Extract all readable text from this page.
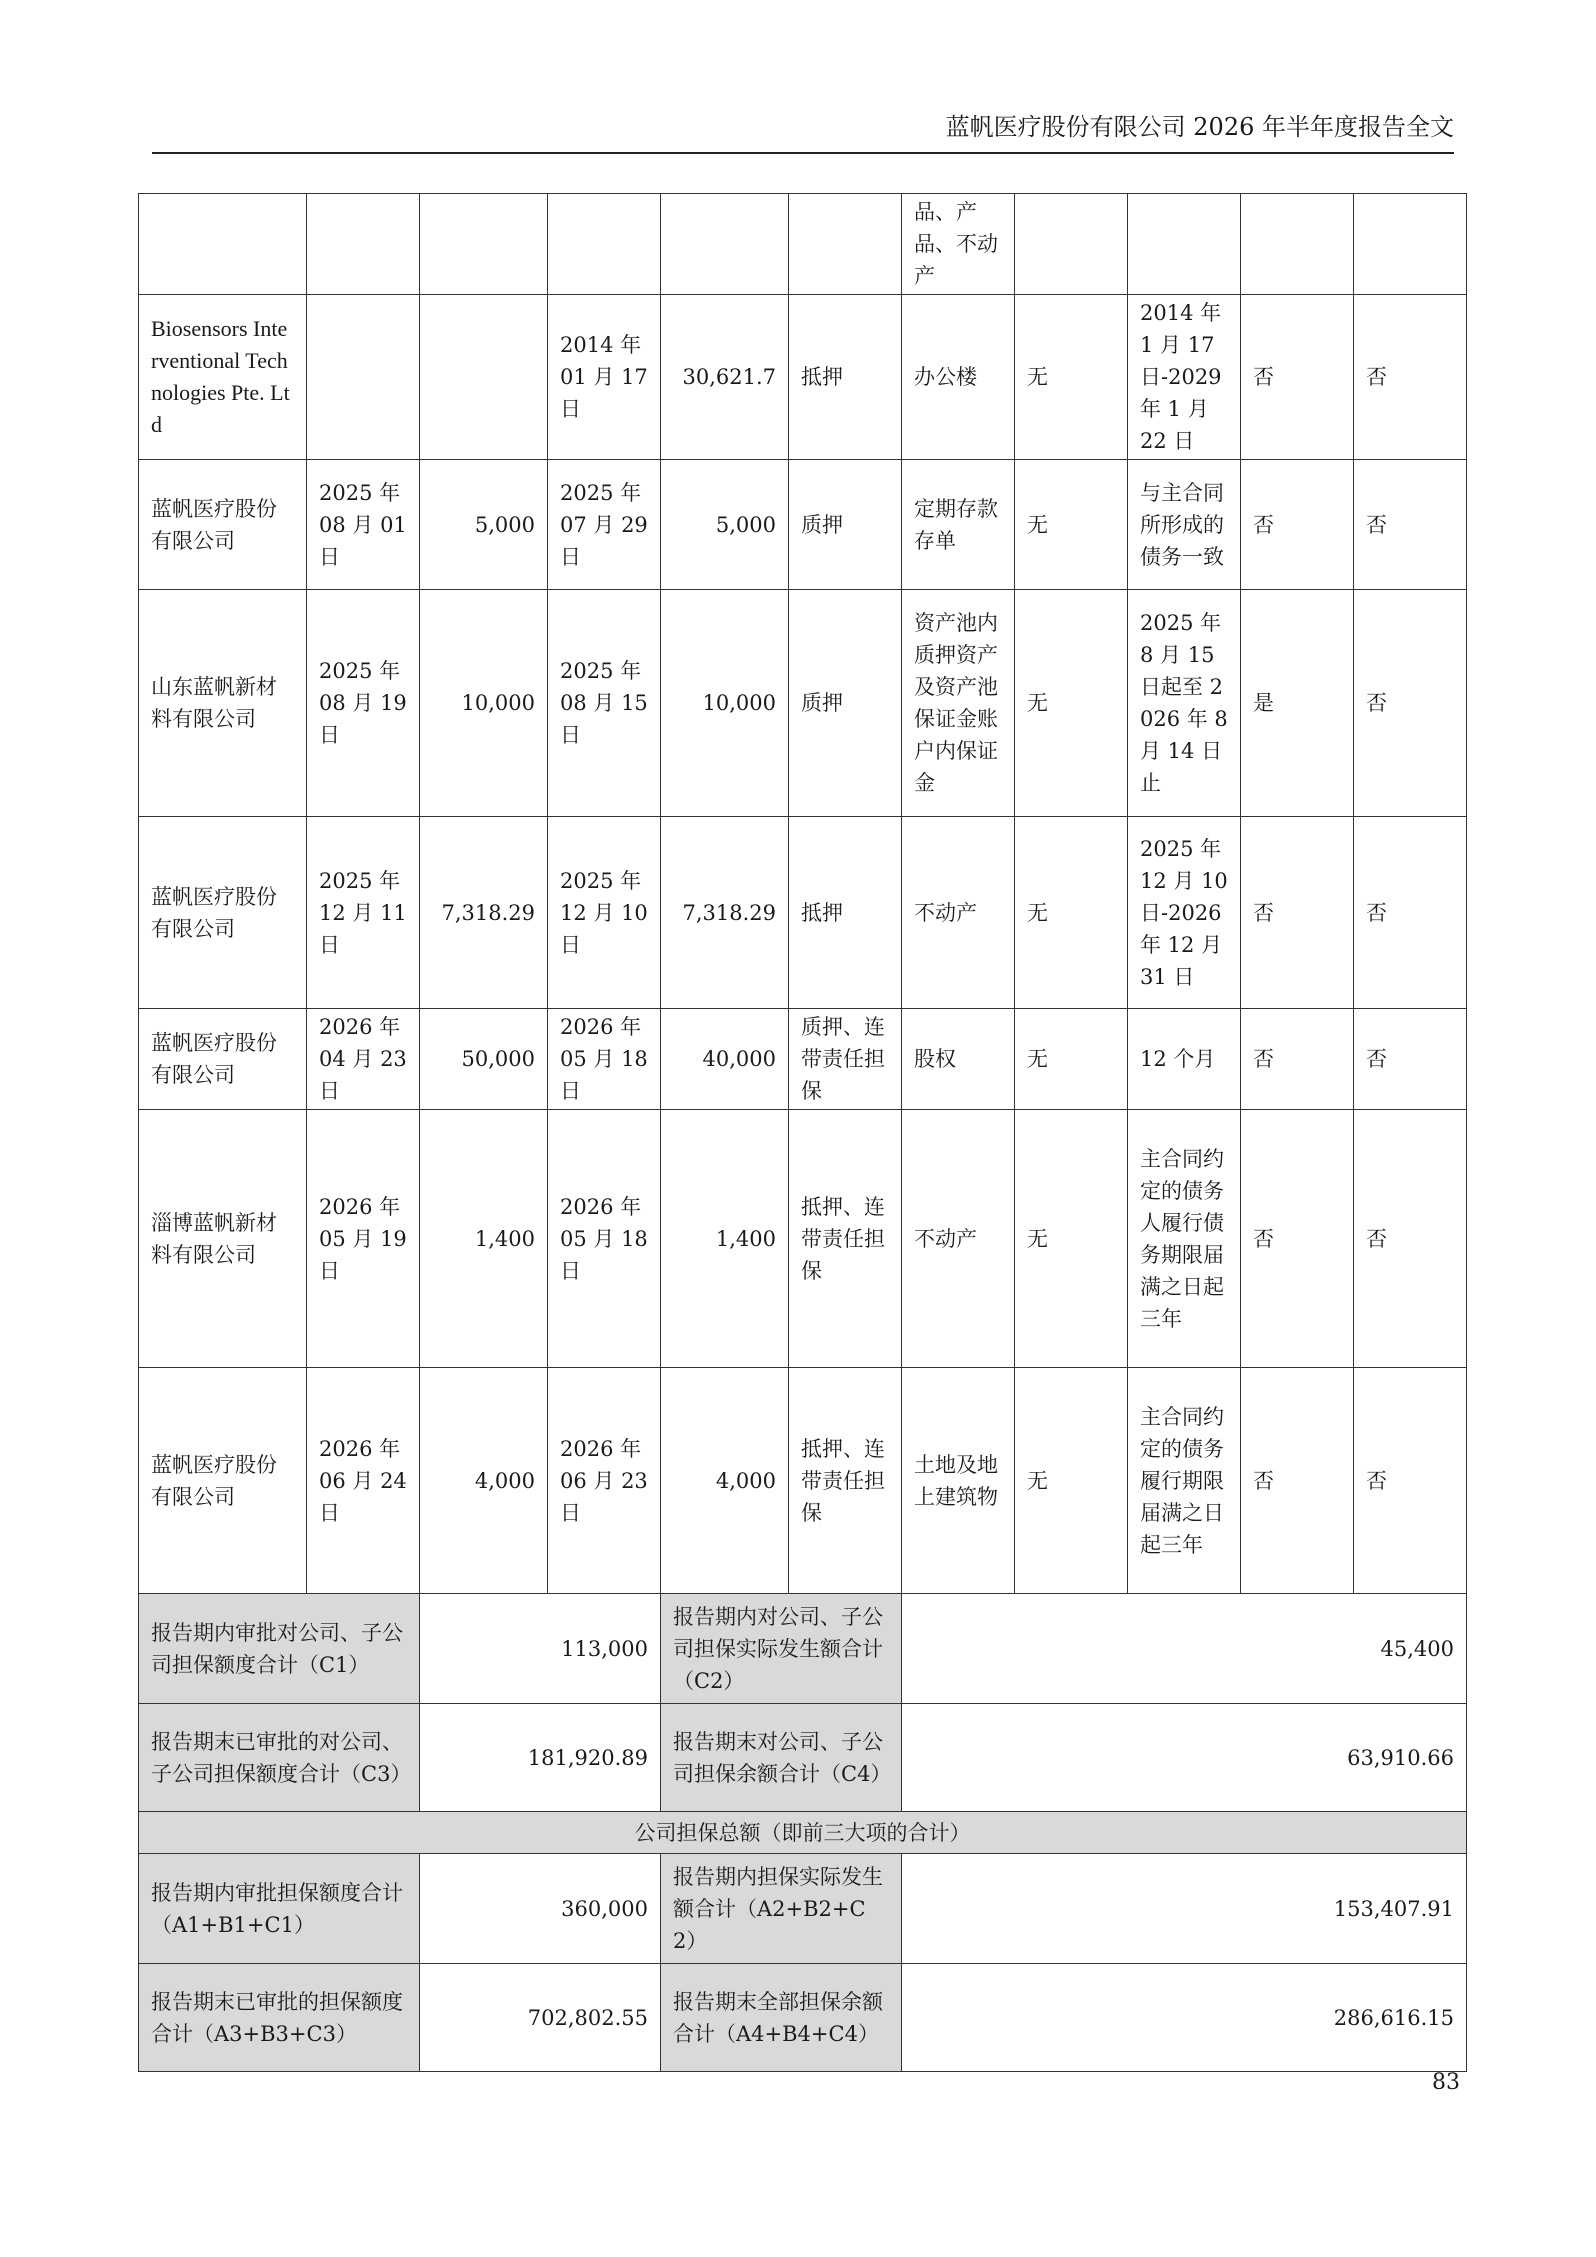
蓝帆医疗股份有限公司 2026 年半年度报告全文
						品、产品、不动产				
Biosensors Interventional Technologies Pte. Ltd			2014 年 01 月 17 日	30,621.7	抵押	办公楼	无	2014 年 1 月 17 日-2029 年 1 月 22 日	否	否
蓝帆医疗股份有限公司	2025 年 08 月 01 日	5,000	2025 年 07 月 29 日	5,000	质押	定期存款存单	无	与主合同所形成的债务一致	否	否
山东蓝帆新材料有限公司	2025 年 08 月 19 日	10,000	2025 年 08 月 15 日	10,000	质押	资产池内质押资产及资产池保证金账户内保证金	无	2025 年 8 月 15 日起至 2026 年 8 月 14 日止	是	否
蓝帆医疗股份有限公司	2025 年 12 月 11 日	7,318.29	2025 年 12 月 10 日	7,318.29	抵押	不动产	无	2025 年 12 月 10 日-2026 年 12 月 31 日	否	否
蓝帆医疗股份有限公司	2026 年 04 月 23 日	50,000	2026 年 05 月 18 日	40,000	质押、连带责任担保	股权	无	12 个月	否	否
淄博蓝帆新材料有限公司	2026 年 05 月 19 日	1,400	2026 年 05 月 18 日	1,400	抵押、连带责任担保	不动产	无	主合同约定的债务人履行债务期限届满之日起三年	否	否
蓝帆医疗股份有限公司	2026 年 06 月 24 日	4,000	2026 年 06 月 23 日	4,000	抵押、连带责任担保	土地及地上建筑物	无	主合同约定的债务履行期限届满之日起三年	否	否
报告期内审批对公司、子公司担保额度合计（C1）		113,000		报告期内对公司、子公司担保实际发生额合计（C2）		45,400				
报告期末已审批的对公司、子公司担保额度合计（C3）		181,920.89		报告期末对公司、子公司担保余额合计（C4）		63,910.66				
公司担保总额（即前三大项的合计）										
报告期内审批担保额度合计（A1+B1+C1）		360,000		报告期内担保实际发生额合计（A2+B2+C2）		153,407.91				
报告期末已审批的担保额度合计（A3+B3+C3）		702,802.55		报告期末全部担保余额合计（A4+B4+C4）		286,616.15				
83
